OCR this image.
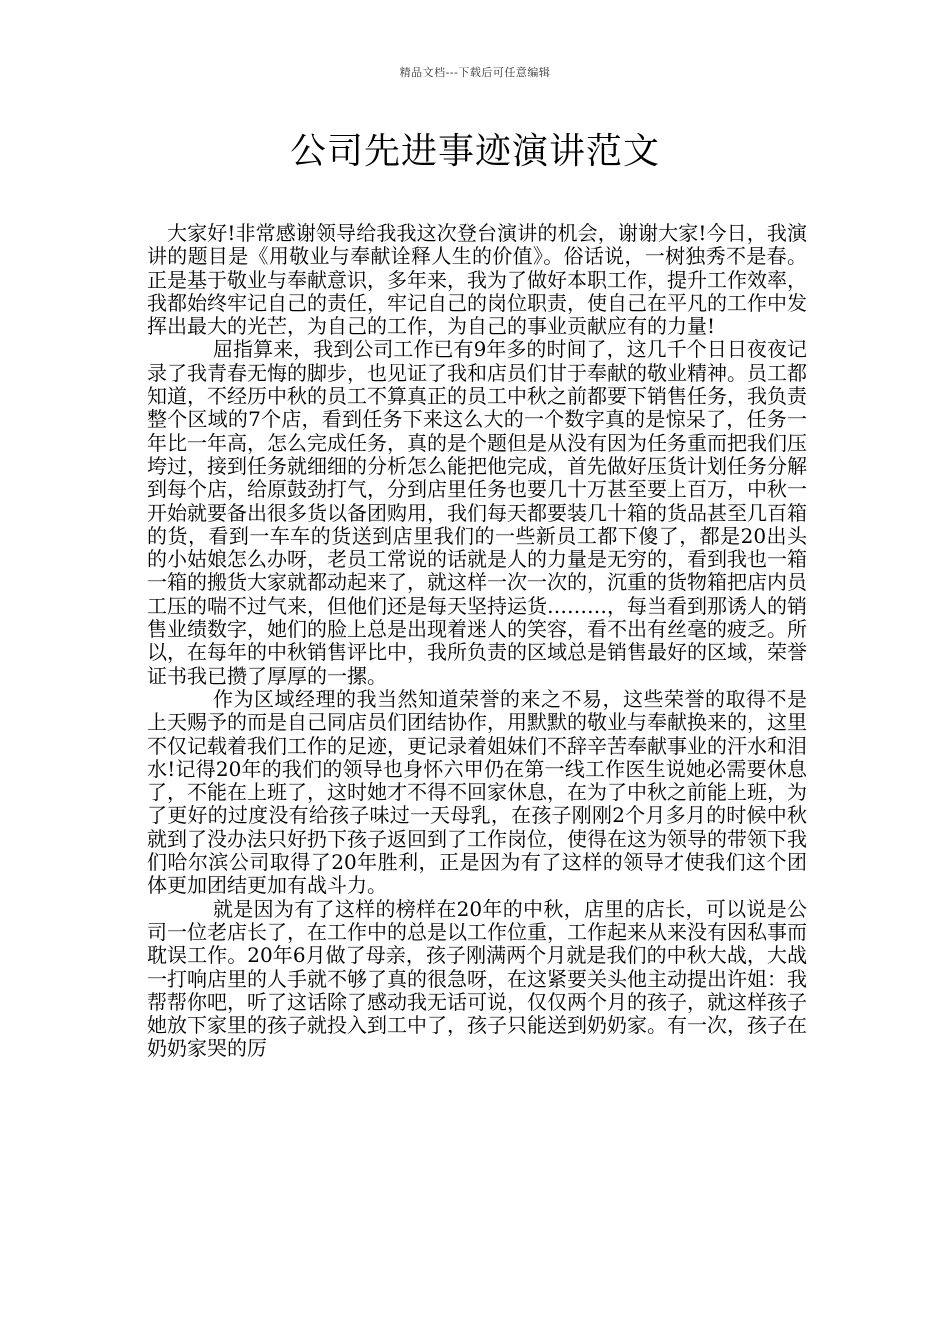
精品文档---下载后可任意编辑
公司先进事迹演讲范文

大家好!非常感谢领导给我我这次登台演讲的机会，谢谢大家!今日，我演讲的题目是《用敬业与奉献诠释人生的价值》。俗话说，一树独秀不是春。正是基于敬业与奉献意识，多年来，我为了做好本职工作，提升工作效率，我都始终牢记自己的责任，牢记自己的岗位职责，使自己在平凡的工作中发挥出最大的光芒，为自己的工作，为自己的事业贡献应有的力量!

屈指算来，我到公司工作已有9年多的时间了，这几千个日日夜夜记录了我青春无悔的脚步，也见证了我和店员们甘于奉献的敬业精神。员工都知道，不经历中秋的员工不算真正的员工中秋之前都要下销售任务，我负责整个区域的7个店，看到任务下来这么大的一个数字真的是惊呆了，任务一年比一年高，怎么完成任务，真的是个题但是从没有因为任务重而把我们压垮过，接到任务就细细的分析怎么能把他完成，首先做好压货计划任务分解到每个店，给原鼓劲打气，分到店里任务也要几十万甚至要上百万，中秋一开始就要备出很多货以备团购用，我们每天都要装几十箱的货品甚至几百箱的货，看到一车车的货送到店里我们的一些新员工都下傻了，都是20出头的小姑娘怎么办呀，老员工常说的话就是人的力量是无穷的，看到我也一箱一箱的搬货大家就都动起来了，就这样一次一次的，沉重的货物箱把店内员工压的喘不过气来，但他们还是每天坚持运货………，每当看到那诱人的销售业绩数字，她们的脸上总是出现着迷人的笑容，看不出有丝毫的疲乏。所以，在每年的中秋销售评比中，我所负责的区域总是销售最好的区域，荣誉证书我已攒了厚厚的一摞。

作为区域经理的我当然知道荣誉的来之不易，这些荣誉的取得不是上天赐予的而是自己同店员们团结协作，用默默的敬业与奉献换来的，这里不仅记载着我们工作的足迹，更记录着姐妹们不辞辛苦奉献事业的汗水和泪水!记得20年的我们的领导也身怀六甲仍在第一线工作医生说她必需要休息了，不能在上班了，这时她才不得不回家休息，在为了中秋之前能上班，为了更好的过度没有给孩子味过一天母乳，在孩子刚刚2个月多月的时候中秋就到了没办法只好扔下孩子返回到了工作岗位，使得在这为领导的带领下我们哈尔滨公司取得了20年胜利，正是因为有了这样的领导才使我们这个团体更加团结更加有战斗力。

就是因为有了这样的榜样在20年的中秋，店里的店长，可以说是公司一位老店长了，在工作中的总是以工作位重，工作起来从来没有因私事而耽误工作。20年6月做了母亲，孩子刚满两个月就是我们的中秋大战，大战一打响店里的人手就不够了真的很急呀，在这紧要关头他主动提出许姐：我帮帮你吧，听了这话除了感动我无话可说，仅仅两个月的孩子，就这样孩子她放下家里的孩子就投入到工中了，孩子只能送到奶奶家。有一次，孩子在奶奶家哭的厉
